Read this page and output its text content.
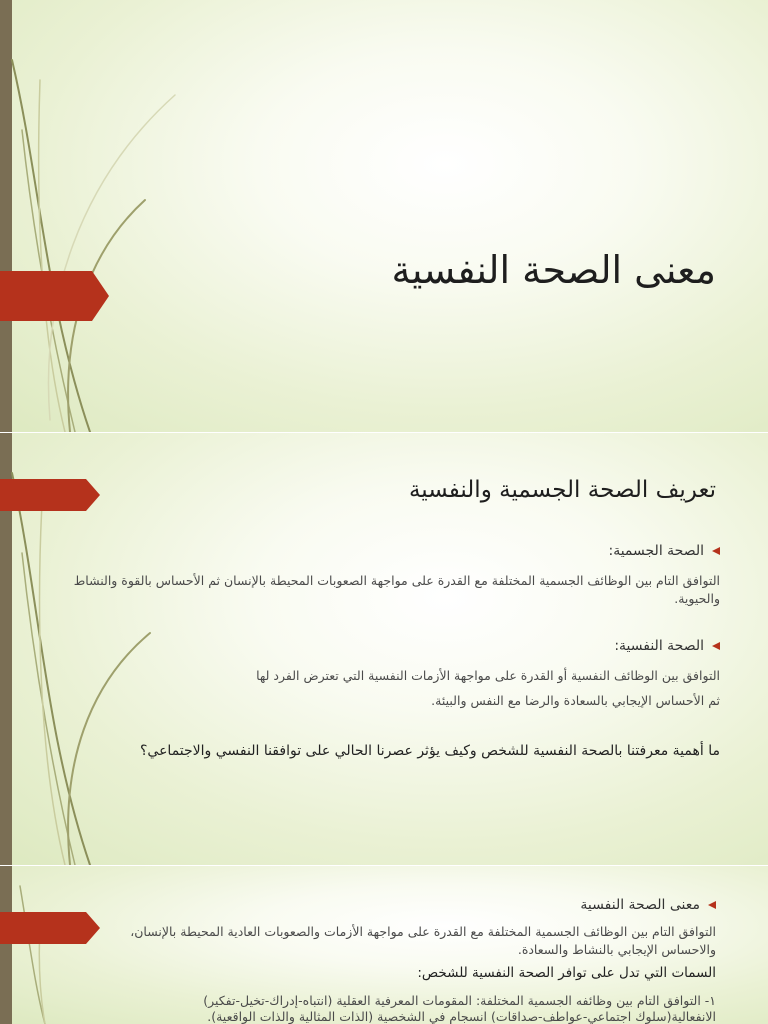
معنى الصحة النفسية
تعريف الصحة الجسمية والنفسية
الصحة الجسمية:
التوافق التام بين الوظائف الجسمية المختلفة مع القدرة على مواجهة الصعوبات المحيطة بالإنسان ثم الأحساس بالقوة والنشاط والحيوية.
الصحة النفسية:
التوافق بين الوظائف النفسية أو القدرة على مواجهة الأزمات النفسية التي تعترض الفرد لها
ثم الأحساس الإيجابي بالسعادة والرضا مع النفس والبيئة.
ما أهمية معرفتنا بالصحة النفسية للشخص وكيف يؤثر عصرنا الحالي على توافقنا النفسي والاجتماعي؟
معنى الصحة النفسية
التوافق التام بين الوظائف الجسمية المختلفة مع القدرة على مواجهة الأزمات والصعوبات العادية المحيطة بالإنسان، والاحساس الإيجابي بالنشاط والسعادة.
السمات التي تدل على توافر الصحة النفسية للشخص:
١- التوافق التام بين وظائفه الجسمية المختلفة: المقومات المعرفية العقلية (انتباه-إدراك-تخيل-تفكير)
الانفعالية(سلوك اجتماعي-عواطف-صداقات) انسجام في الشخصية (الذات المثالية والذات الواقعية).
